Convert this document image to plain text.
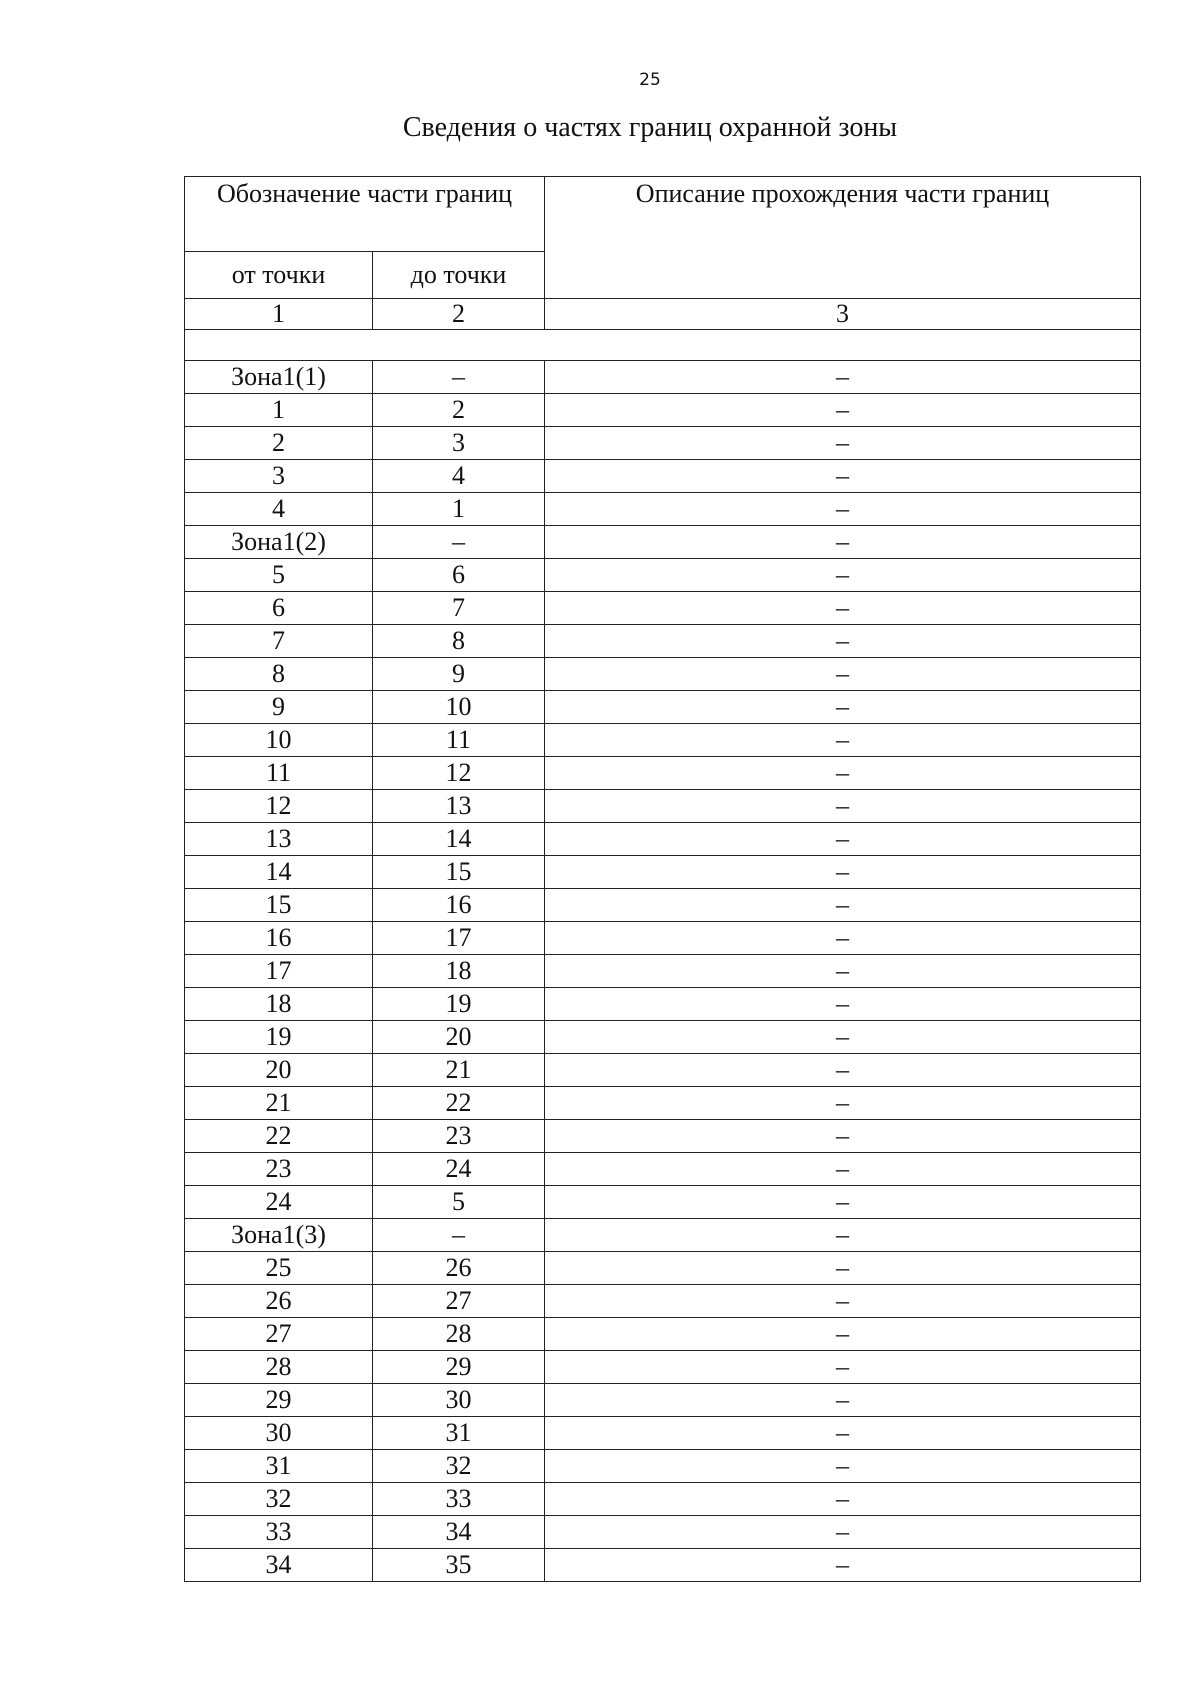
25
Сведения о частях границ охранной зоны
Обозначение части границ		Описание прохождения части границ
от точки	до точки	
1	2	3

Зона1(1)	–	–
1	2	–
2	3	–
3	4	–
4	1	–
Зона1(2)	–	–
5	6	–
6	7	–
7	8	–
8	9	–
9	10	–
10	11	–
11	12	–
12	13	–
13	14	–
14	15	–
15	16	–
16	17	–
17	18	–
18	19	–
19	20	–
20	21	–
21	22	–
22	23	–
23	24	–
24	5	–
Зона1(3)	–	–
25	26	–
26	27	–
27	28	–
28	29	–
29	30	–
30	31	–
31	32	–
32	33	–
33	34	–
34	35	–
